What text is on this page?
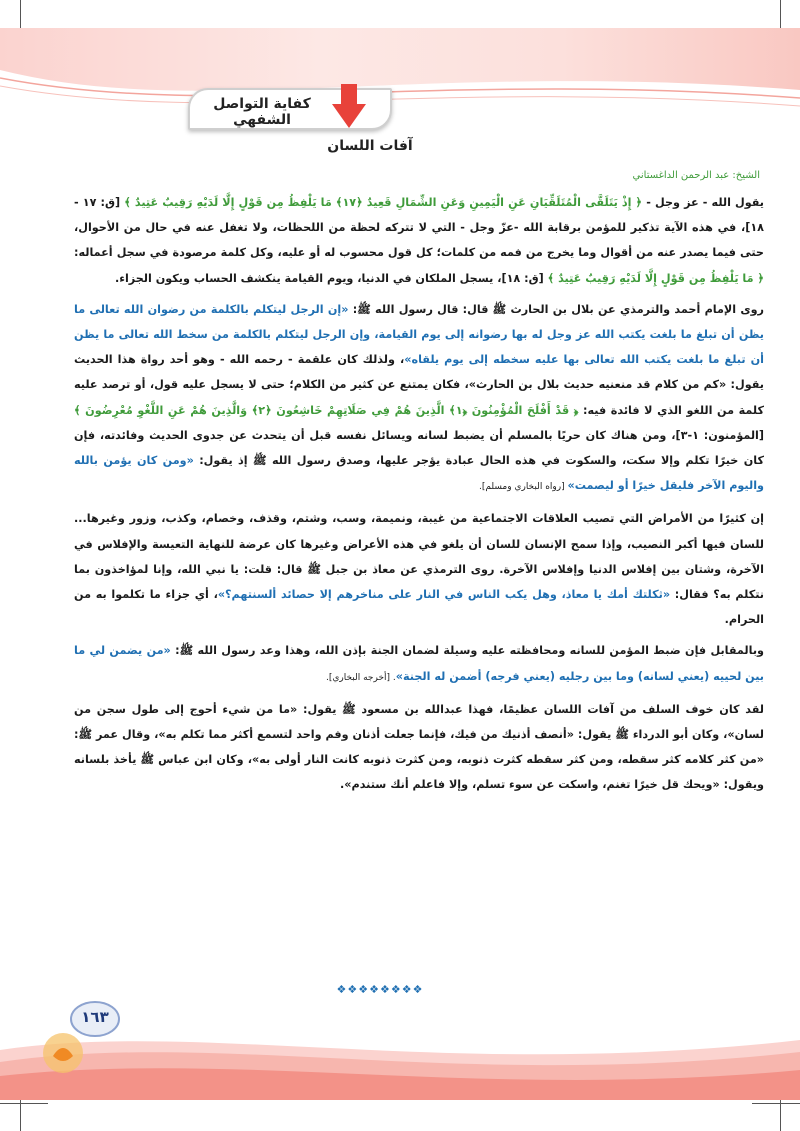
كفاية التواصل الشفهي
آفات اللسان
الشيخ: عبد الرحمن الداغستاني

يقول الله - عز وجل - ﴿ إِذْ يَتَلَقَّى الْمُتَلَقِّيَانِ عَنِ الْيَمِينِ وَعَنِ الشِّمَالِ قَعِيدٌ ﴿١٧﴾ مَا يَلْفِظُ مِن قَوْلٍ إِلَّا لَدَيْهِ رَقِيبٌ عَتِيدٌ ﴾ [ق: ١٧ - ١٨]، في هذه الآية تذكير للمؤمن برقابة الله -عزّ وجل - التي لا تتركه لحظة من اللحظات، ولا تغفل عنه في حال من الأحوال، حتى فيما يصدر عنه من أقوال وما يخرج من فمه من كلمات؛ كل قول محسوب له أو عليه، وكل كلمة مرصودة في سجل أعماله: ﴿ مَا يَلْفِظُ مِن قَوْلٍ إِلَّا لَدَيْهِ رَقِيبٌ عَتِيدٌ ﴾ [ق: ١٨]، يسجل الملكان في الدنيا، ويوم القيامة ينكشف الحساب ويكون الجزاء.

روى الإمام أحمد والترمذي عن بلال بن الحارث ﷺ قال: قال رسول الله ﷺ: «إن الرجل ليتكلم بالكلمة من رضوان الله تعالى ما يظن أن تبلغ ما بلغت يكتب الله عز وجل له بها رضوانه إلى يوم القيامة، وإن الرجل ليتكلم بالكلمة من سخط الله تعالى ما يظن أن تبلغ ما بلغت يكتب الله تعالى بها عليه سخطه إلى يوم يلقاه»، ولذلك كان علقمة - رحمه الله - وهو أحد رواة هذا الحديث يقول: «كم من كلام قد منعنيه حديث بلال بن الحارث»، فكان يمتنع عن كثير من الكلام؛ حتى لا يسجل عليه قول، أو ترصد عليه كلمة من اللغو الذي لا فائدة فيه: ﴿ قَدْ أَفْلَحَ الْمُؤْمِنُونَ ﴿١﴾ الَّذِينَ هُمْ فِي صَلَاتِهِمْ خَاشِعُونَ ﴿٢﴾ وَالَّذِينَ هُمْ عَنِ اللَّغْوِ مُعْرِضُونَ ﴾ [المؤمنون: ١-٣]، ومن هناك كان حريًا بالمسلم أن يضبط لسانه ويسائل نفسه قبل أن يتحدث عن جدوى الحديث وفائدته، فإن كان خيرًا تكلم وإلا سكت، والسكوت في هذه الحال عبادة يؤجر عليها، وصدق رسول الله ﷺ إذ يقول: «ومن كان يؤمن بالله واليوم الآخر فليقل خيرًا أو ليصمت» [رواه البخاري ومسلم].

إن كثيرًا من الأمراض التي تصيب العلاقات الاجتماعية من غيبة، ونميمة، وسب، وشتم، وقذف، وخصام، وكذب، وزور وغيرها... للسان فيها أكبر النصيب، وإذا سمح الإنسان للسان أن يلغو في هذه الأعراض وغيرها كان عرضة للنهاية التعيسة والإفلاس في الآخرة، وشتان بين إفلاس الدنيا وإفلاس الآخرة. روى الترمذي عن معاذ بن جبل ﷺ قال: قلت: يا نبي الله، وإنا لمؤاخذون بما نتكلم به؟ فقال: «ثكلتك أمك يا معاذ، وهل يكب الناس في النار على مناخرهم إلا حصائد ألسنتهم؟»، أي جزاء ما تكلموا به من الحرام.

وبالمقابل فإن ضبط المؤمن للسانه ومحافظته عليه وسيلة لضمان الجنة بإذن الله، وهذا وعد رسول الله ﷺ: «من يضمن لي ما بين لحييه (يعني لسانه) وما بين رجليه (يعني فرجه) أضمن له الجنة». [أخرجه البخاري].

لقد كان خوف السلف من آفات اللسان عظيمًا، فهذا عبدالله بن مسعود ﷺ يقول: «ما من شيء أحوج إلى طول سجن من لسان»، وكان أبو الدرداء ﷺ يقول: «أنصف أذنيك من فيك، فإنما جعلت أذنان وفم واحد لتسمع أكثر مما تكلم به»، وقال عمر ﷺ: «من كثر كلامه كثر سقطه، ومن كثر سقطه كثرت ذنوبه، ومن كثرت ذنوبه كانت النار أولى به»، وكان ابن عباس ﷺ يأخذ بلسانه ويقول: «ويحك قل خيرًا تغنم، واسكت عن سوء تسلم، وإلا فاعلم أنك ستندم».

❖❖❖❖❖❖❖❖
١٦٣
